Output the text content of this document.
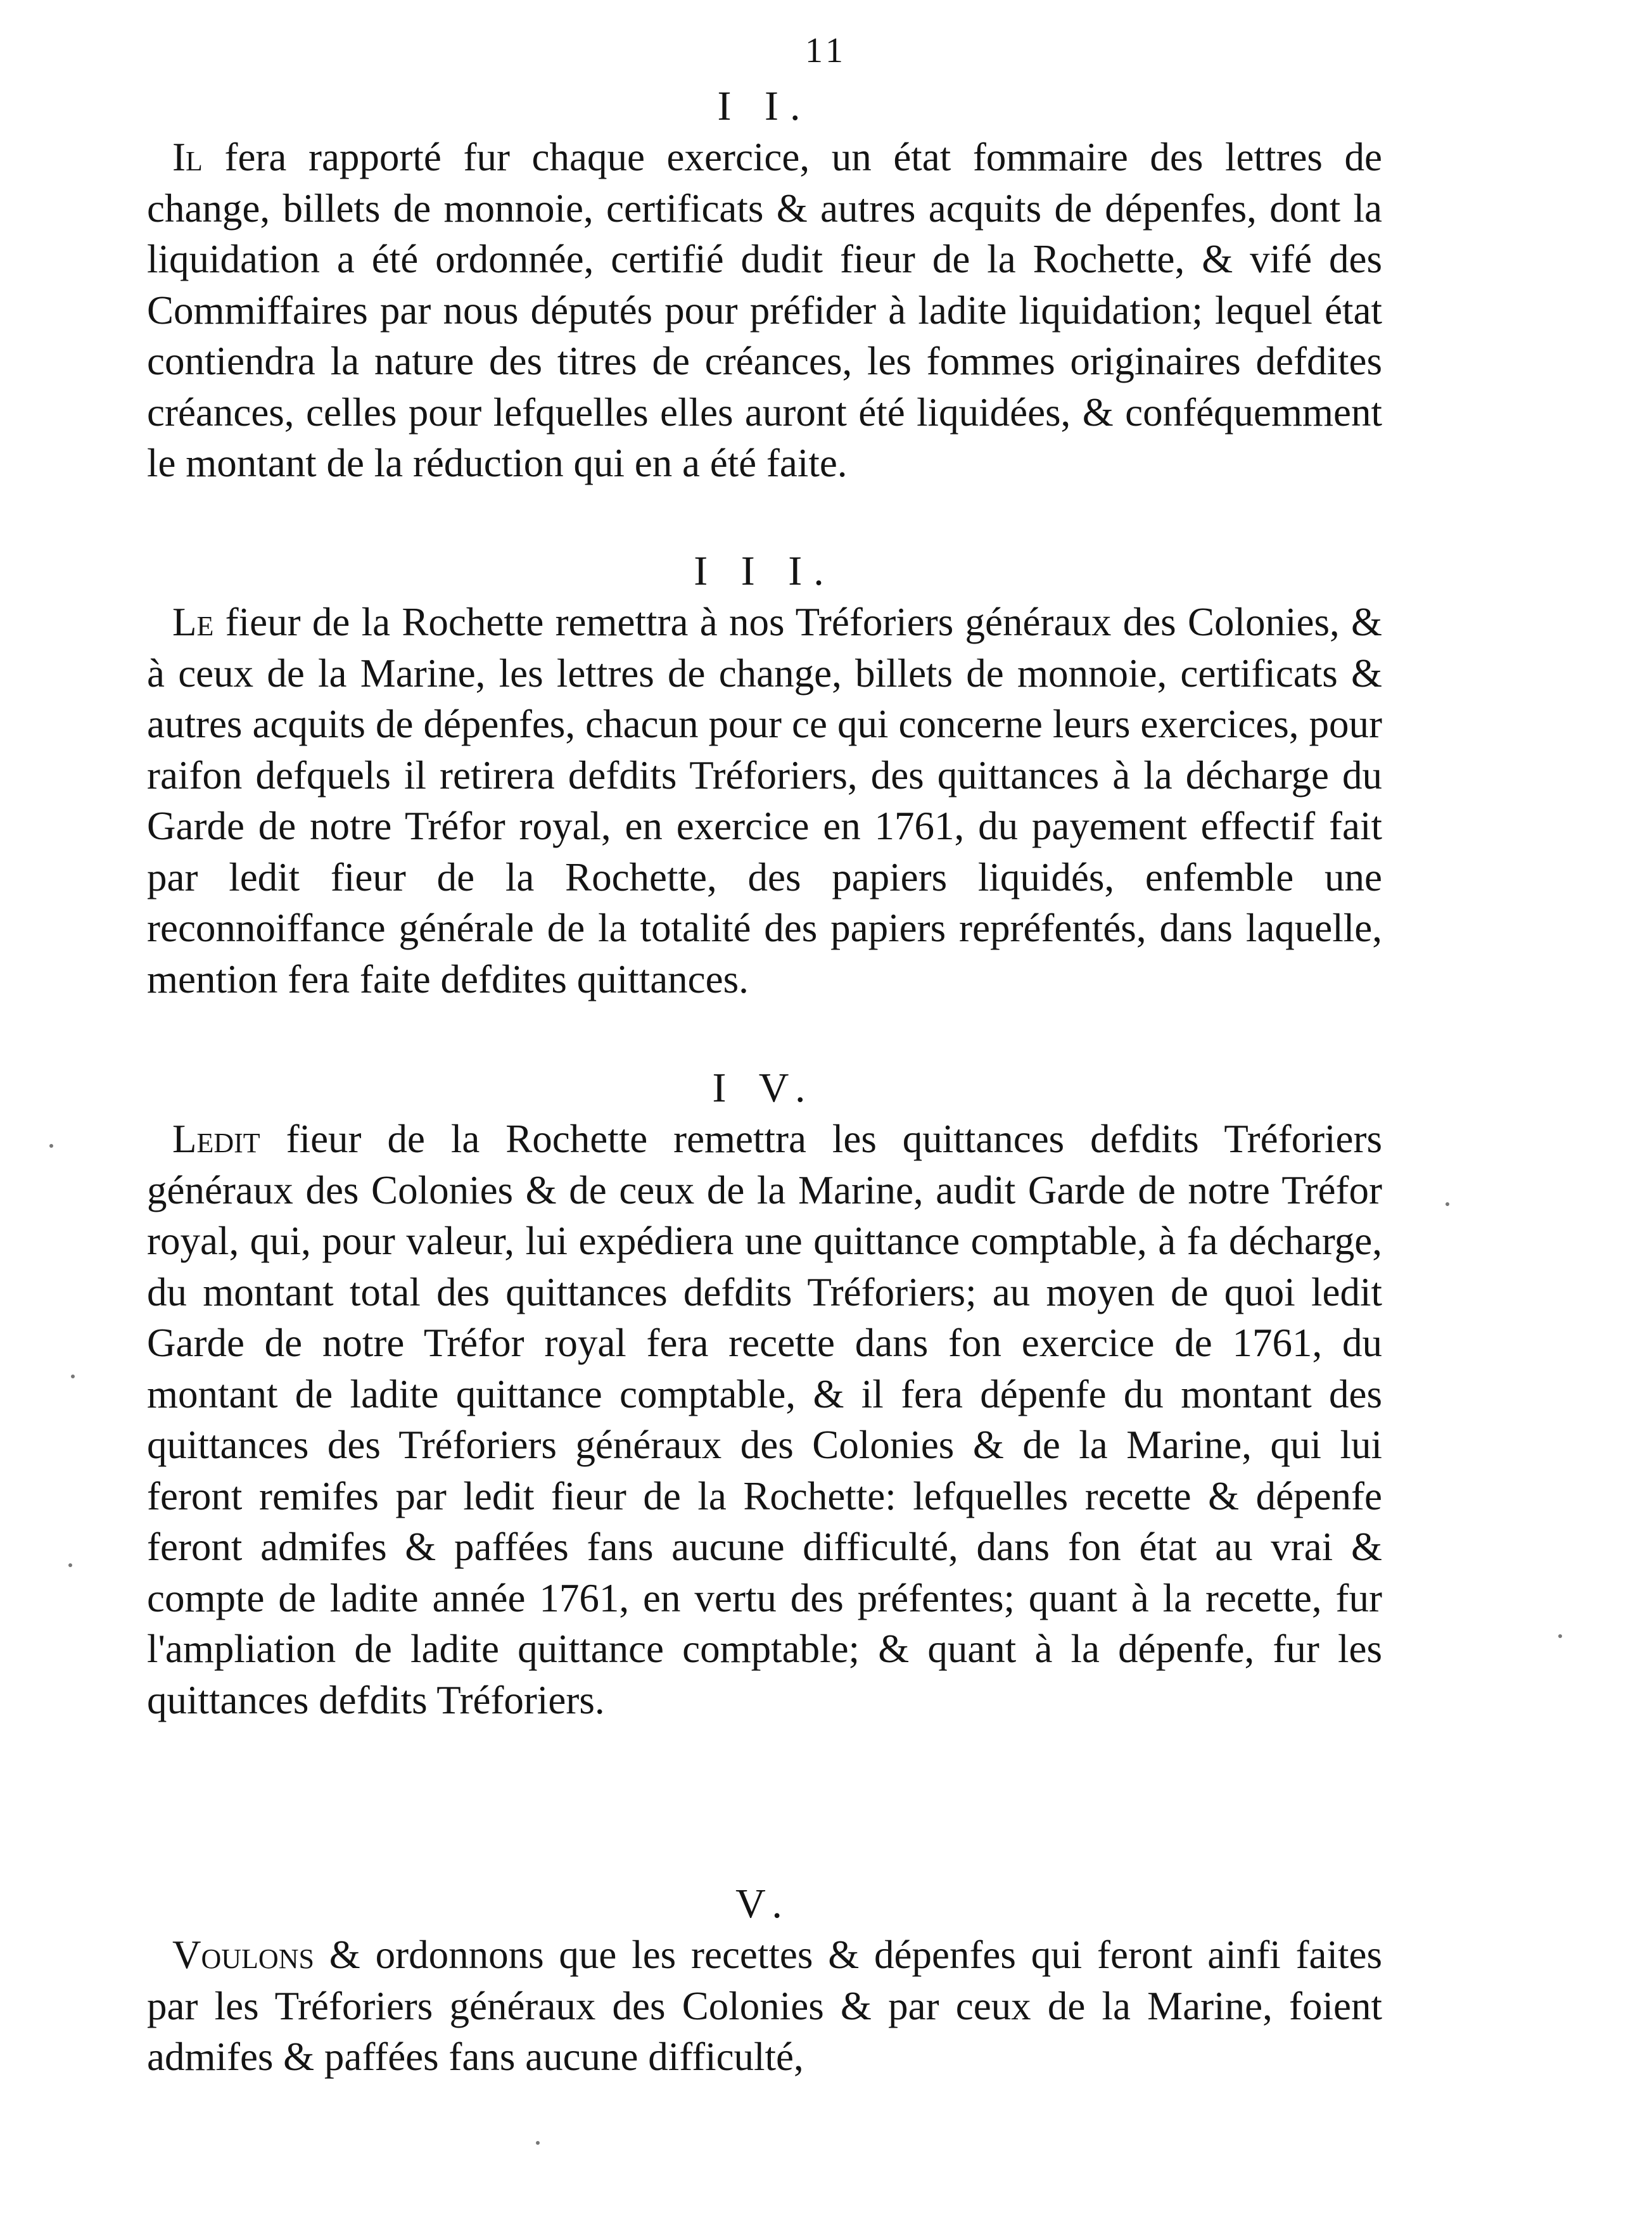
11
I I.
Il fera rapporté fur chaque exercice, un état fommaire des lettres de change, billets de monnoie, certificats & autres acquits de dépenfes, dont la liquidation a été ordonnée, certifié dudit fieur de la Rochette, & vifé des Commiffaires par nous députés pour préfider à ladite liquidation; lequel état contiendra la nature des titres de créances, les fommes originaires defdites créances, celles pour lefquelles elles auront été liquidées, & conféquemment le montant de la réduction qui en a été faite.
I I I.
Le fieur de la Rochette remettra à nos Tréforiers généraux des Colonies, & à ceux de la Marine, les lettres de change, billets de monnoie, certificats & autres acquits de dépenfes, chacun pour ce qui concerne leurs exercices, pour raifon defquels il retirera defdits Tréforiers, des quittances à la décharge du Garde de notre Tréfor royal, en exercice en 1761, du payement effectif fait par ledit fieur de la Rochette, des papiers liquidés, enfemble une reconnoiffance générale de la totalité des papiers repréfentés, dans laquelle, mention fera faite defdites quittances.
I V.
Ledit fieur de la Rochette remettra les quittances defdits Tréforiers généraux des Colonies & de ceux de la Marine, audit Garde de notre Tréfor royal, qui, pour valeur, lui expédiera une quittance comptable, à fa décharge, du montant total des quittances defdits Tréforiers; au moyen de quoi ledit Garde de notre Tréfor royal fera recette dans fon exercice de 1761, du montant de ladite quittance comptable, & il fera dépenfe du montant des quittances des Tréforiers généraux des Colonies & de la Marine, qui lui feront remifes par ledit fieur de la Rochette: lefquelles recette & dépenfe feront admifes & paffées fans aucune difficulté, dans fon état au vrai & compte de ladite année 1761, en vertu des préfentes; quant à la recette, fur l'ampliation de ladite quittance comptable; & quant à la dépenfe, fur les quittances defdits Tréforiers.
V.
Voulons & ordonnons que les recettes & dépenfes qui feront ainfi faites par les Tréforiers généraux des Colonies & par ceux de la Marine, foient admifes & paffées fans aucune difficulté,
